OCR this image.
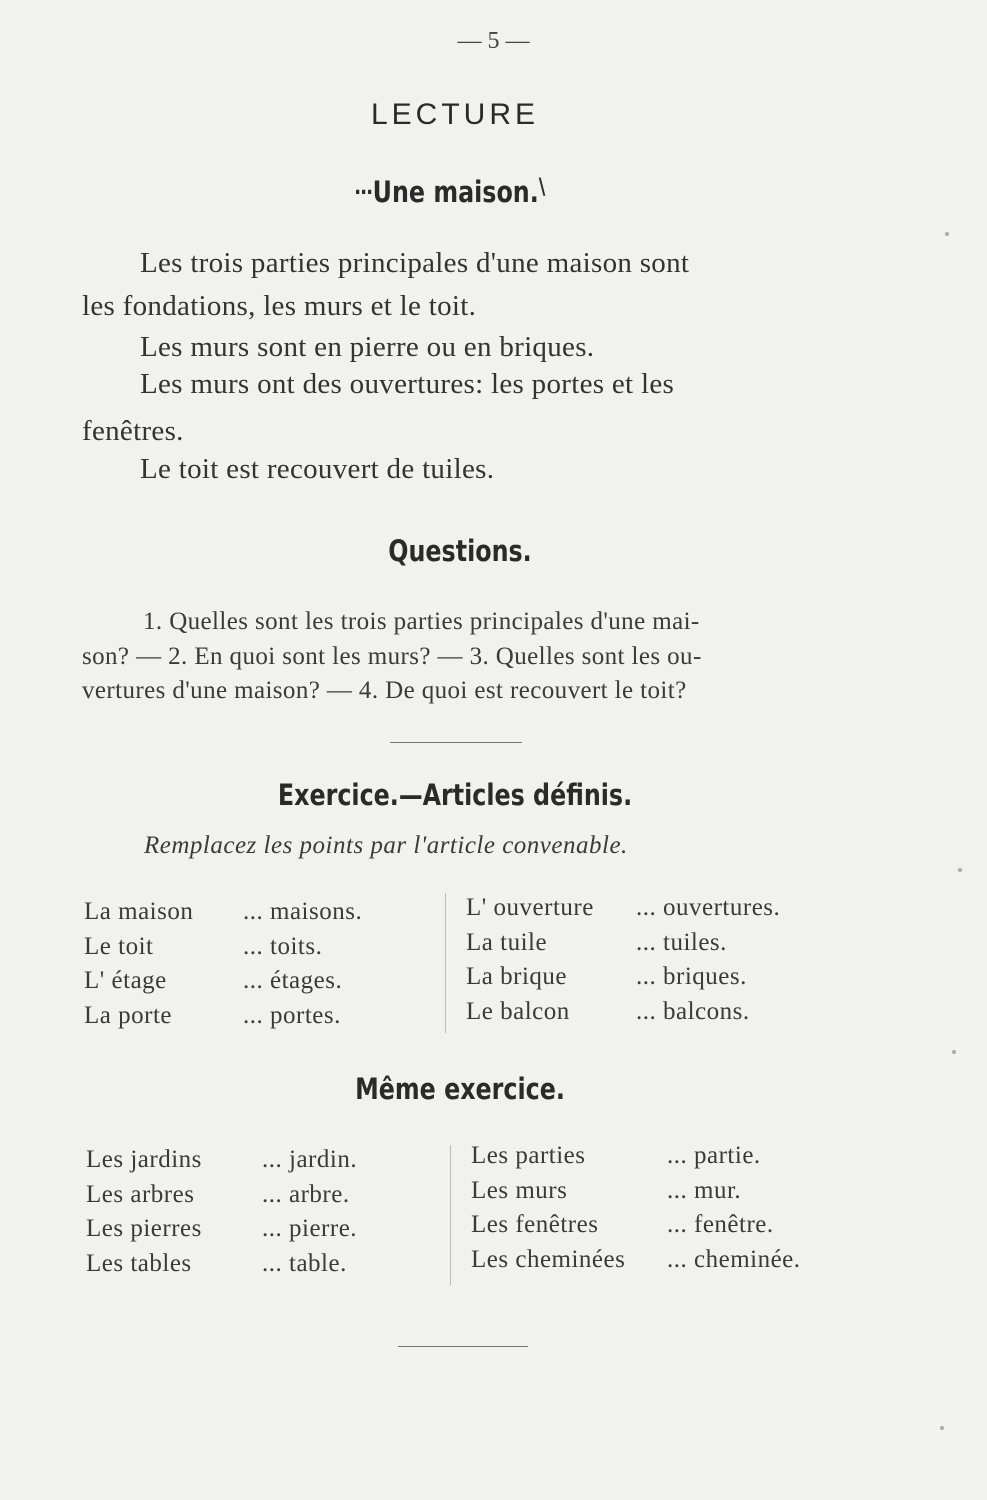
— 5 —
LECTURE
…Une maison.\
Les trois parties principales d'une maison sont
les fondations, les murs et le toit.
Les murs sont en pierre ou en briques.
Les murs ont des ouvertures: les portes et les
fenêtres.
Le toit est recouvert de tuiles.
Questions.
1. Quelles sont les trois parties principales d'une mai-
son? — 2. En quoi sont les murs? — 3. Quelles sont les ou-
vertures d'une maison? — 4. De quoi est recouvert le toit?
Exercice.—Articles définis.
Remplacez les points par l'article convenable.
La maison ... maisons.
Le toit	... toits.
L' étage	... étages.
La porte	... portes.
L' ouverture ... ouvertures.
La tuile	... tuiles.
La brique	... briques.
Le balcon	... balcons.
Même exercice.
Les jardins ... jardin.
Les arbres	... arbre.
Les pierres ... pierre.
Les tables	... table.
Les parties	... partie.
Les murs	... mur.
Les fenêtres	... fenêtre.
Les cheminées ... cheminée.
